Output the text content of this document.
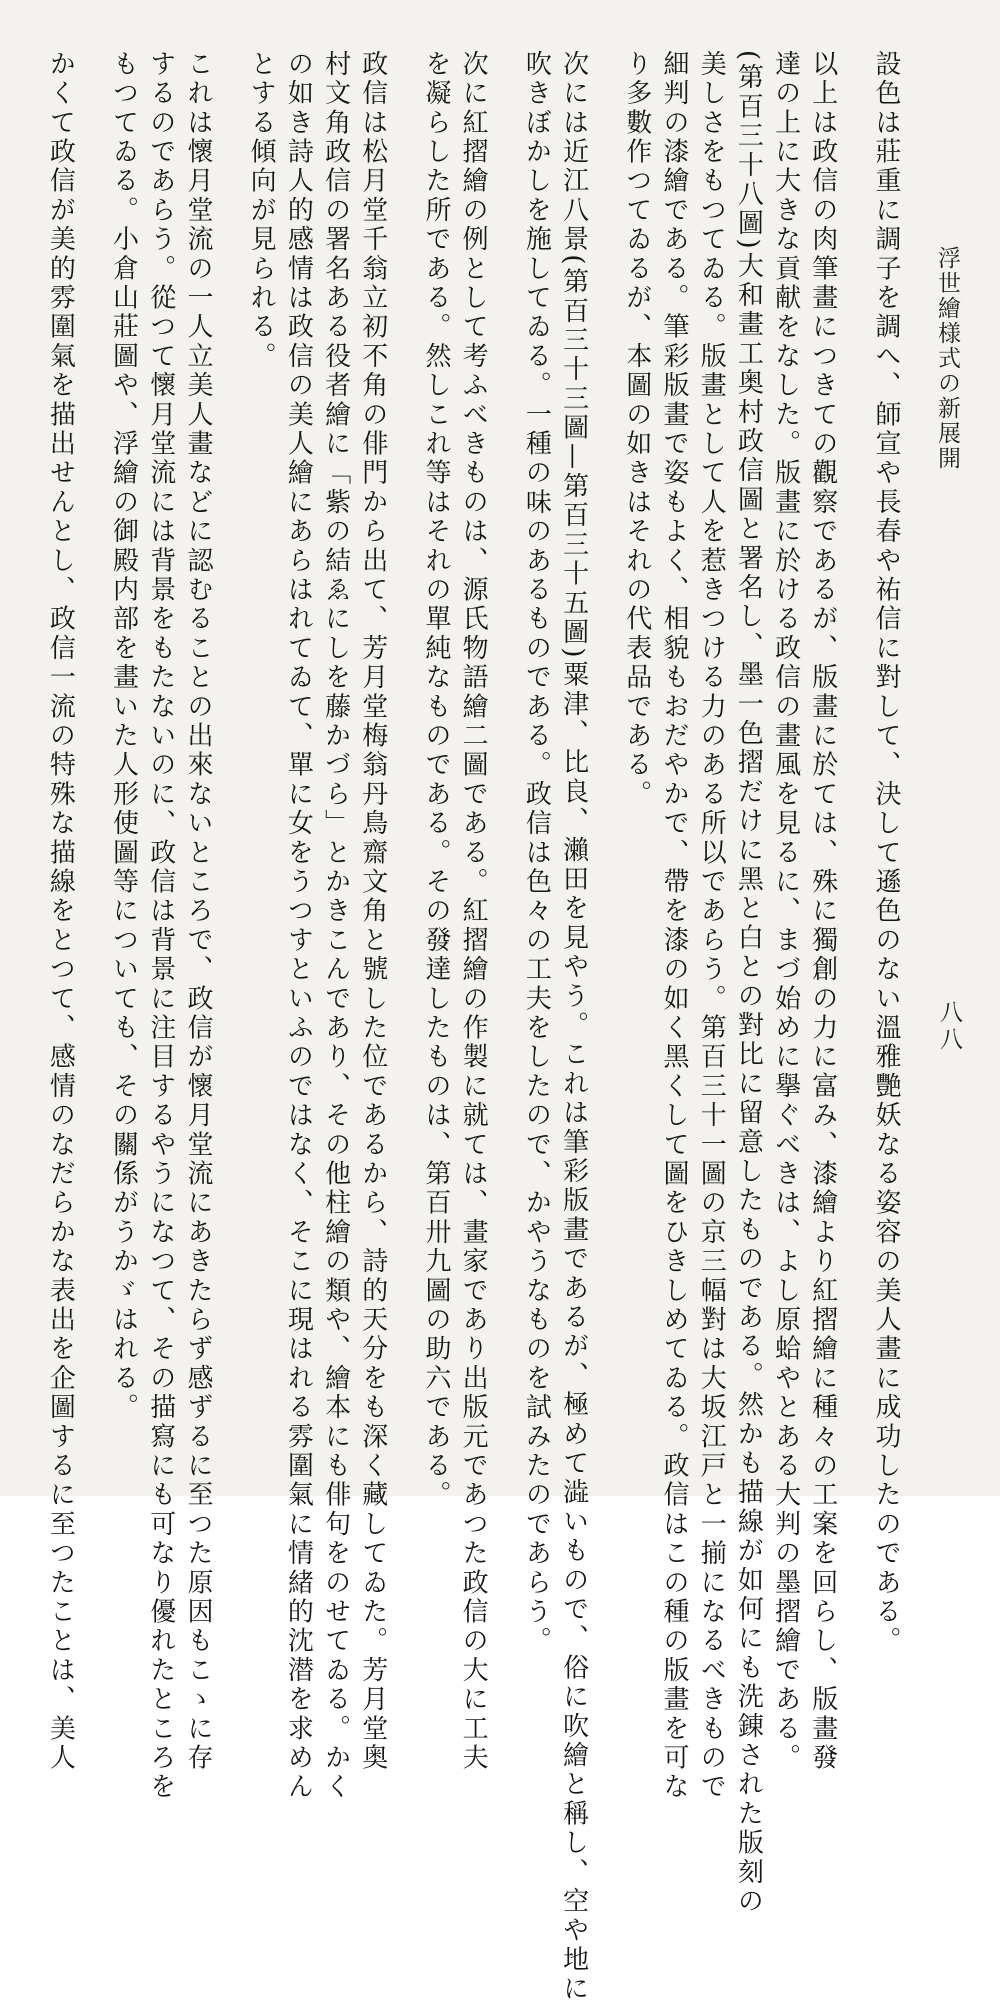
浮世繪様式の新展開
八八
設色は莊重に調子を調へ、師宣や長春や祐信に對して、決して遜色のない溫雅艷妖なる姿容の美人畫に成功したのである。
以上は政信の肉筆畫につきての觀察であるが、版畫に於ては、殊に獨創の力に富み、漆繪より紅摺繪に種々の工案を回らし、版畫發
達の上に大きな貢献をなした。版畫に於ける政信の畫風を見るに、まづ始めに擧ぐべきは、よし原蛤やとある大判の墨摺繪である。
(第百三十八圖)大和畫工奥村政信圖と署名し、墨一色摺だけに黑と白との對比に留意したものである。然かも描線が如何にも洗錬された版刻の
美しさをもつてゐる。版畫として人を惹きつける力のある所以であらう。第百三十一圖の京三幅對は大坂江戸と一揃になるべきもので
細判の漆繪である。筆彩版畫で姿もよく、相貌もおだやかで、帶を漆の如く黑くして圖をひきしめてゐる。政信はこの種の版畫を可な
り多數作つてゐるが、本圖の如きはそれの代表品である。
次には近江八景(第百三十三圖—第百三十五圖)粟津、比良、瀨田を見やう。これは筆彩版畫であるが、極めて澁いもので、俗に吹繪と稱し、空や地に
吹きぼかしを施してゐる。一種の味のあるものである。政信は色々の工夫をしたので、かやうなものを試みたのであらう。
次に紅摺繪の例として考ふべきものは、源氏物語繪二圖である。紅摺繪の作製に就ては、畫家であり出版元であつた政信の大に工夫
を凝らした所である。然しこれ等はそれの單純なものである。その發達したものは、第百卅九圖の助六である。
政信は松月堂千翁立初不角の俳門から出て、芳月堂梅翁丹鳥齋文角と號した位であるから、詩的天分をも深く藏してゐた。芳月堂奥
村文角政信の署名ある役者繪に「紫の結ゑにしを藤かづら」とかきこんであり、その他柱繪の類や、繪本にも俳句をのせてゐる。かく
の如き詩人的感情は政信の美人繪にあらはれてゐて、單に女をうつすといふのではなく、そこに現はれる雰圍氣に情緒的沈潜を求めん
とする傾向が見られる。
これは懷月堂流の一人立美人畫などに認むることの出來ないところで、政信が懷月堂流にあきたらず感ずるに至つた原因もこゝに存
するのであらう。從つて懷月堂流には背景をもたないのに、政信は背景に注目するやうになつて、その描寫にも可なり優れたところを
もつてゐる。小倉山莊圖や、浮繪の御殿内部を畫いた人形使圖等についても、その關係がうかゞはれる。
かくて政信が美的雰圍氣を描出せんとし、政信一流の特殊な描線をとつて、感情のなだらかな表出を企圖するに至つたことは、美人
